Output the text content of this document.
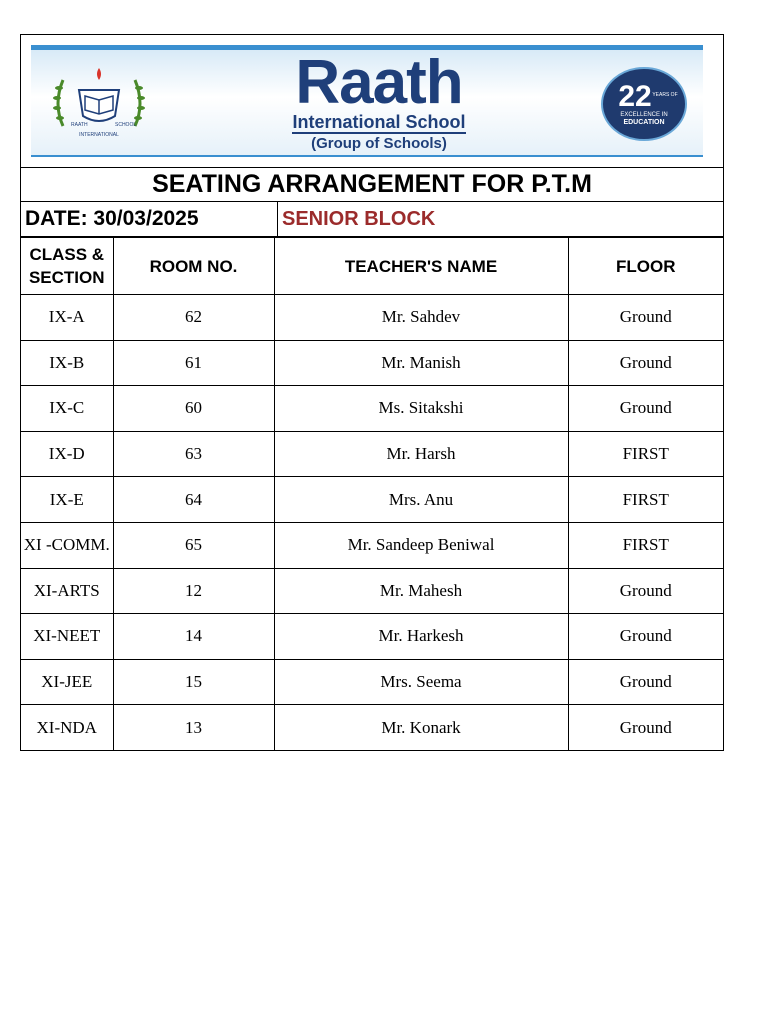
RAATH	SCHOOL
INTERNATIONAL
Raath
International School
(Group of Schools)
22 YEARS OF
EXCELLENCE IN
EDUCATION
SEATING ARRANGEMENT FOR P.T.M
DATE: 30/03/2025	SENIOR BLOCK
CLASS &
SECTION	ROOM NO.	TEACHER'S NAME	FLOOR
IX-A	62	Mr. Sahdev	Ground
IX-B	61	Mr. Manish	Ground
IX-C	60	Ms. Sitakshi	Ground
IX-D	63	Mr. Harsh	FIRST
IX-E	64	Mrs. Anu	FIRST
XI -COMM.	65	Mr. Sandeep Beniwal	FIRST
XI-ARTS	12	Mr. Mahesh	Ground
XI-NEET	14	Mr. Harkesh	Ground
XI-JEE	15	Mrs. Seema	Ground
XI-NDA	13	Mr. Konark	Ground
